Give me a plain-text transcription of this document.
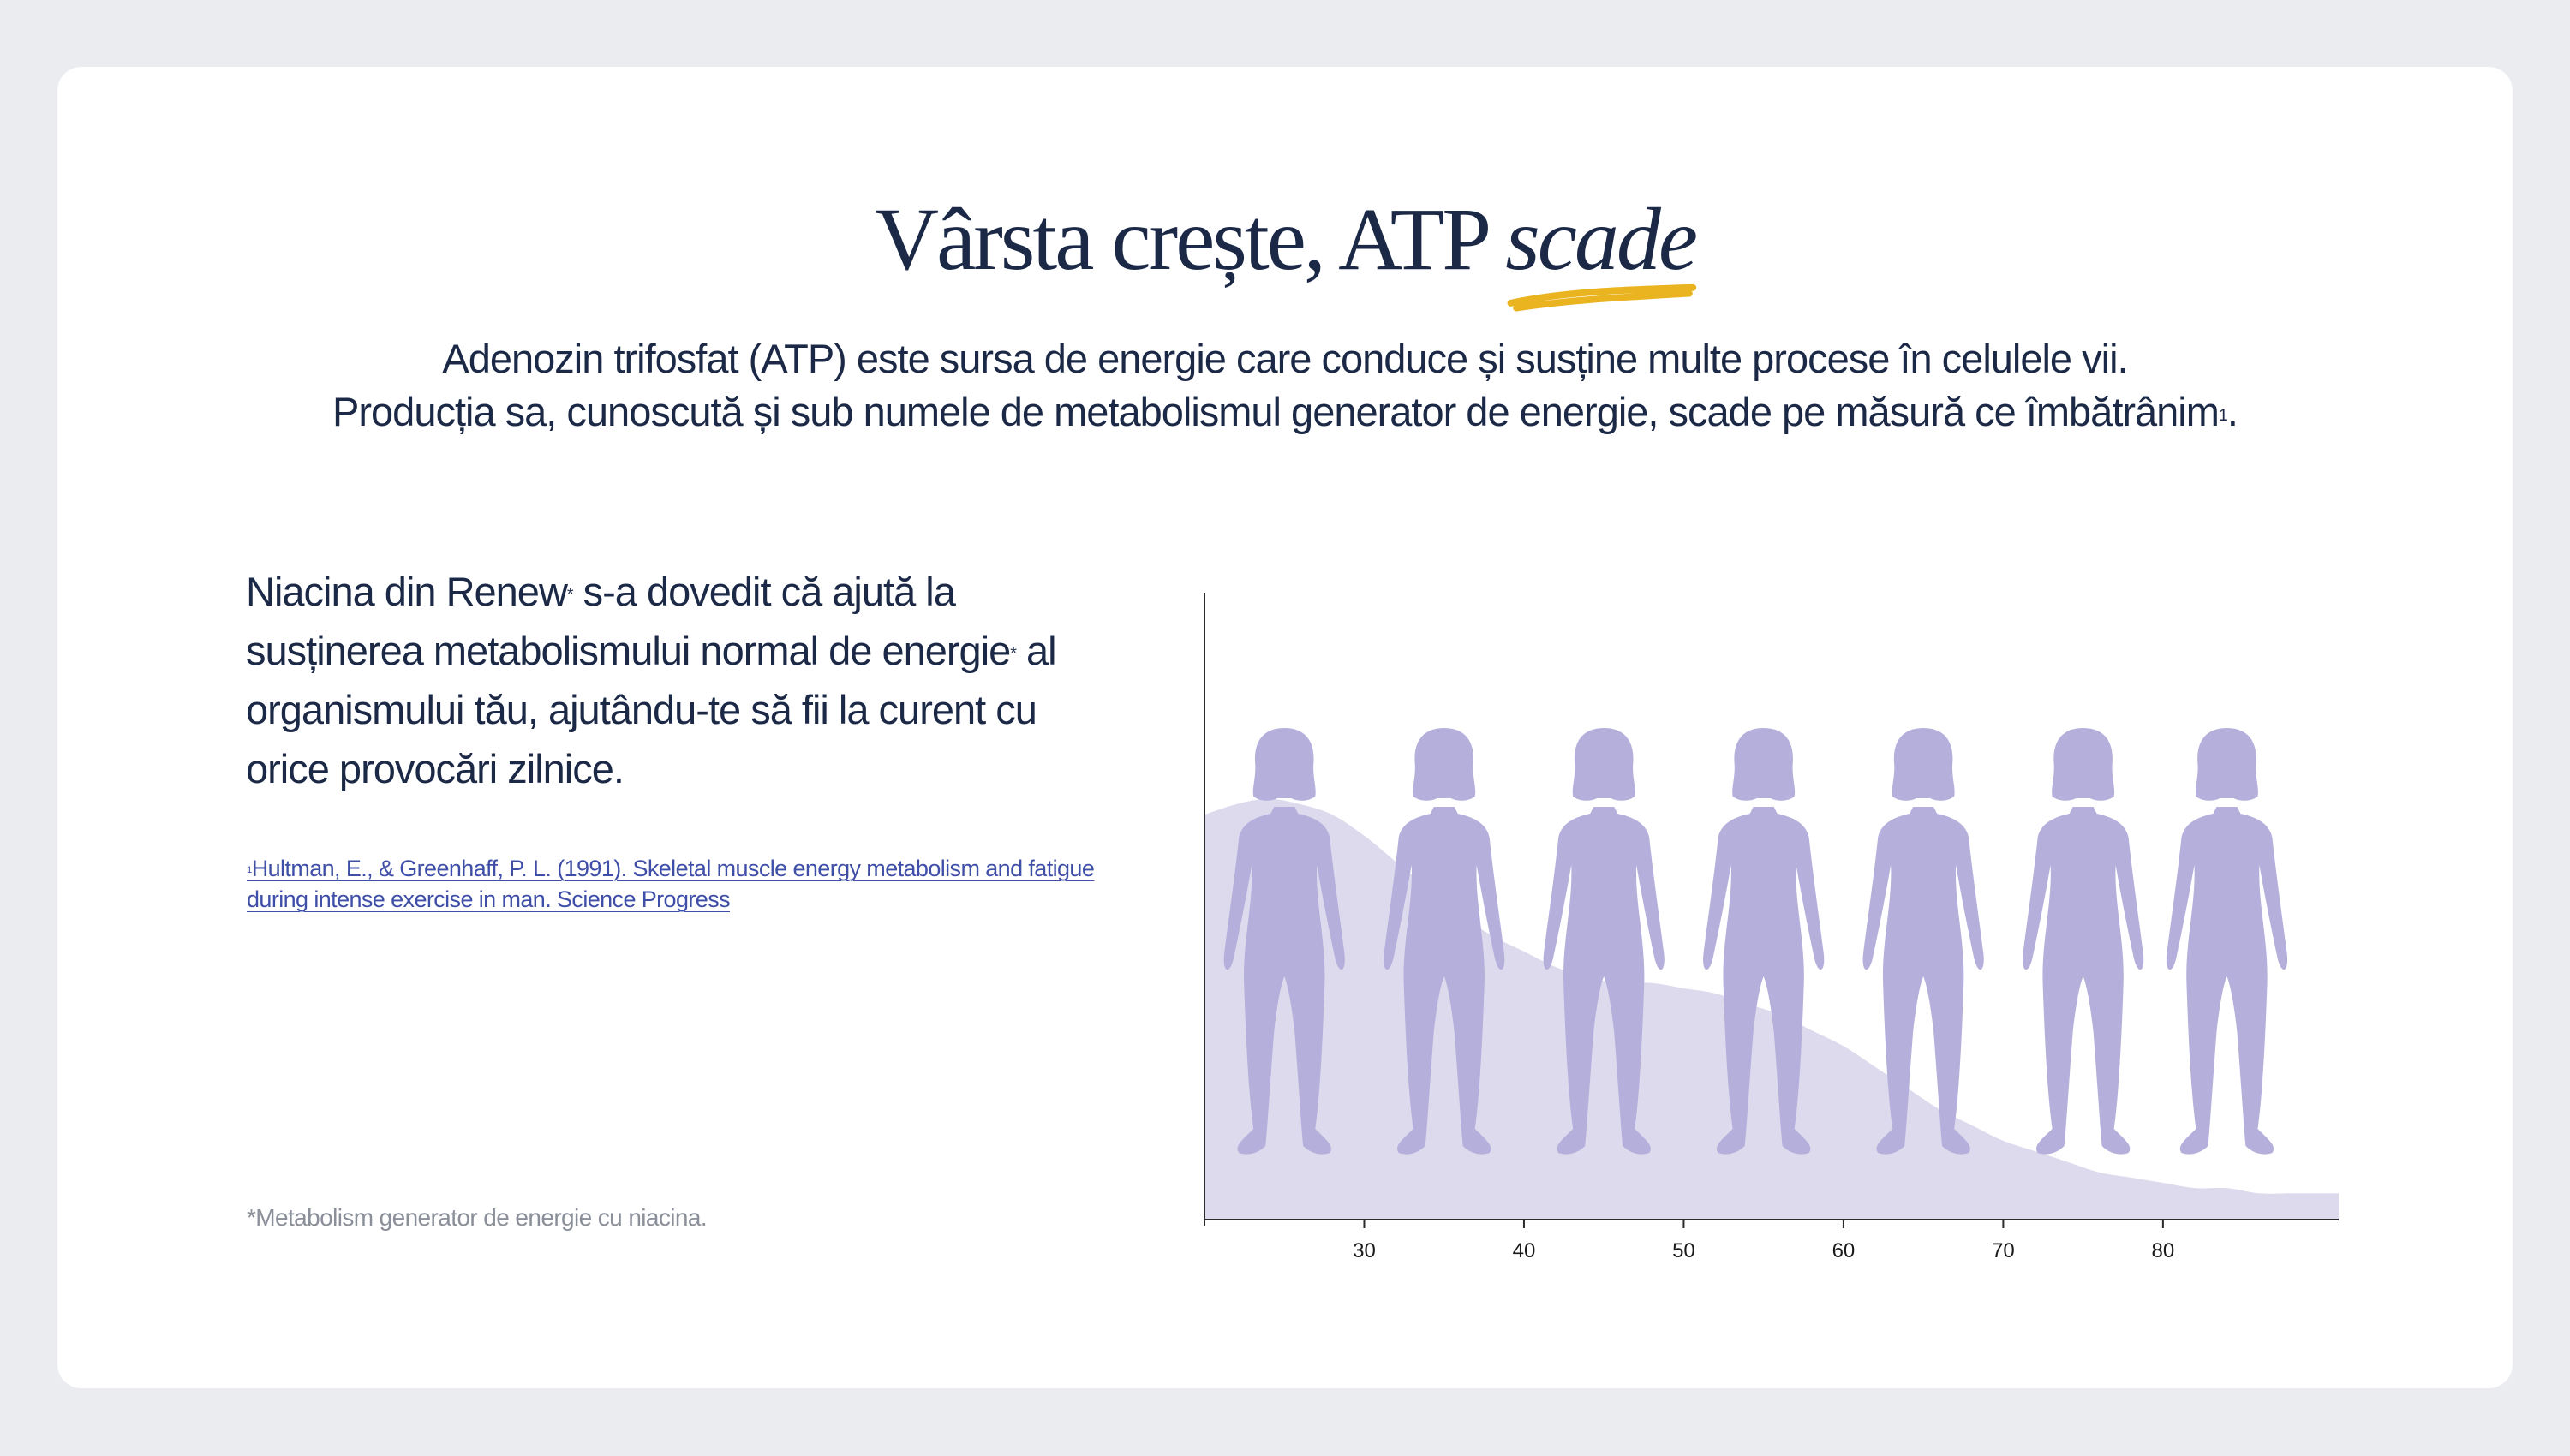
Vârsta crește, ATP scade
Adenozin trifosfat (ATP) este sursa de energie care conduce și susține multe procese în celulele vii.
Producția sa, cunoscută și sub numele de metabolismul generator de energie, scade pe măsură ce îmbătrânim$^1$.
Niacina din Renew* s-a dovedit că ajută la susținerea metabolismului normal de energie* al organismului tău, ajutându-te să fii la curent cu orice provocări zilnice.
$^1$Hultman, E., & Greenhaff, P. L. (1991). Skeletal muscle energy metabolism and fatigue during intense exercise in man. Science Progress
*Metabolism generator de energie cu niacina.
30	40	50	60	70	80
